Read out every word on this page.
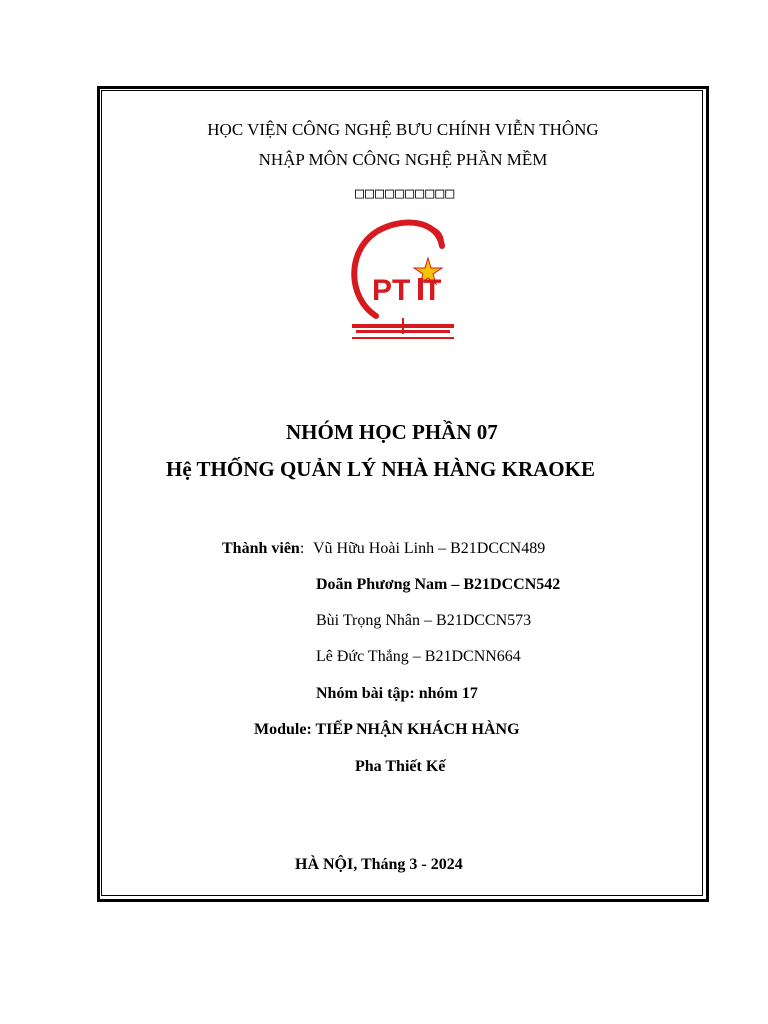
HỌC VIỆN CÔNG NGHỆ BƯU CHÍNH VIỄN THÔNG
NHẬP MÔN CÔNG NGHỆ PHẦN MỀM
□□□□□□□□□□
PT T
NHÓM HỌC PHẦN 07
Hệ THỐNG QUẢN LÝ NHÀ HÀNG KRAOKE
Thành viên: Vũ Hữu Hoài Linh – B21DCCN489
Doãn Phương Nam – B21DCCN542
Bùi Trọng Nhân – B21DCCN573
Lê Đức Thắng – B21DCNN664
Nhóm bài tập: nhóm 17
Module: TIẾP NHẬN KHÁCH HÀNG
Pha Thiết Kế
HÀ NỘI, Tháng 3 - 2024
